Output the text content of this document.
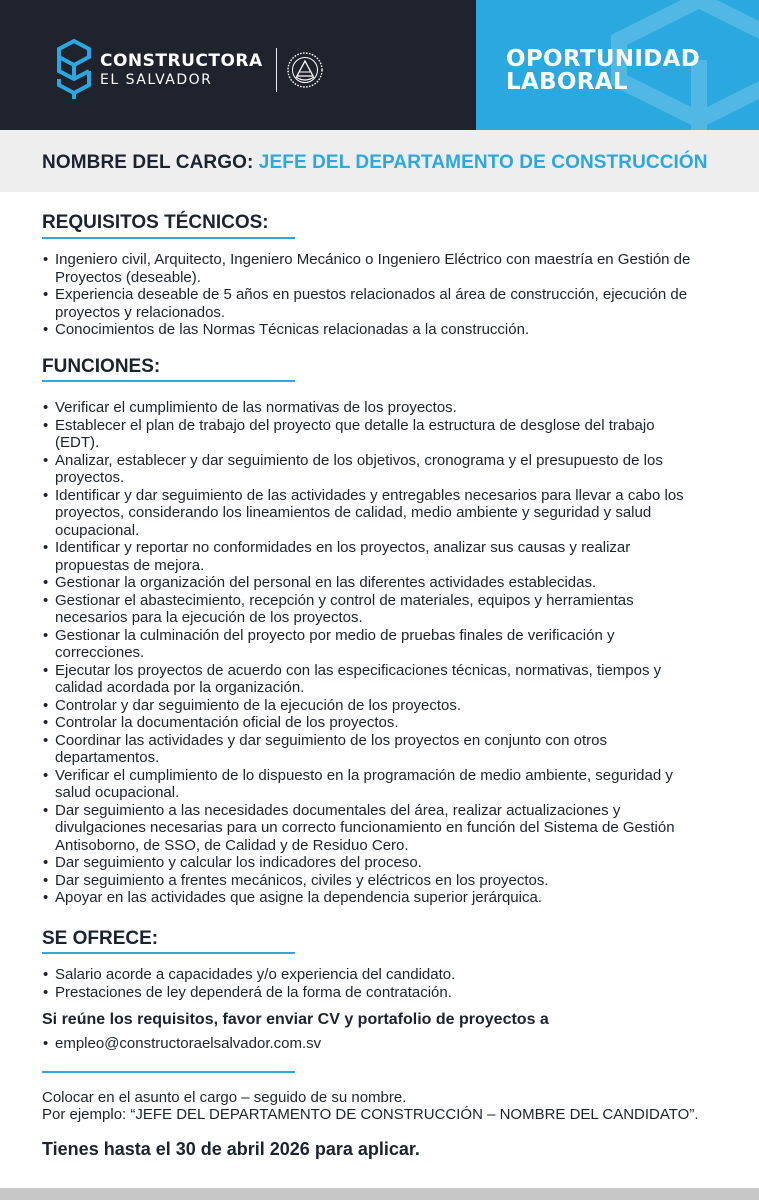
CONSTRUCTORA
EL SALVADOR
OPORTUNIDAD
LABORAL
NOMBRE DEL CARGO: JEFE DEL DEPARTAMENTO DE CONSTRUCCIÓN
REQUISITOS TÉCNICOS:
• Ingeniero civil, Arquitecto, Ingeniero Mecánico o Ingeniero Eléctrico con maestría en Gestión de Proyectos (deseable).
• Experiencia deseable de 5 años en puestos relacionados al área de construcción, ejecución de proyectos y relacionados.
• Conocimientos de las Normas Técnicas relacionadas a la construcción.
FUNCIONES:
• Verificar el cumplimiento de las normativas de los proyectos.
• Establecer el plan de trabajo del proyecto que detalle la estructura de desglose del trabajo (EDT).
• Analizar, establecer y dar seguimiento de los objetivos, cronograma y el presupuesto de los proyectos.
• Identificar y dar seguimiento de las actividades y entregables necesarios para llevar a cabo los proyectos, considerando los lineamientos de calidad, medio ambiente y seguridad y salud ocupacional.
• Identificar y reportar no conformidades en los proyectos, analizar sus causas y realizar propuestas de mejora.
• Gestionar la organización del personal en las diferentes actividades establecidas.
• Gestionar el abastecimiento, recepción y control de materiales, equipos y herramientas necesarios para la ejecución de los proyectos.
• Gestionar la culminación del proyecto por medio de pruebas finales de verificación y correcciones.
• Ejecutar los proyectos de acuerdo con las especificaciones técnicas, normativas, tiempos y calidad acordada por la organización.
• Controlar y dar seguimiento de la ejecución de los proyectos.
• Controlar la documentación oficial de los proyectos.
• Coordinar las actividades y dar seguimiento de los proyectos en conjunto con otros departamentos.
• Verificar el cumplimiento de lo dispuesto en la programación de medio ambiente, seguridad y salud ocupacional.
• Dar seguimiento a las necesidades documentales del área, realizar actualizaciones y divulgaciones necesarias para un correcto funcionamiento en función del Sistema de Gestión Antisoborno, de SSO, de Calidad y de Residuo Cero.
• Dar seguimiento y calcular los indicadores del proceso.
• Dar seguimiento a frentes mecánicos, civiles y eléctricos en los proyectos.
• Apoyar en las actividades que asigne la dependencia superior jerárquica.
SE OFRECE:
• Salario acorde a capacidades y/o experiencia del candidato.
• Prestaciones de ley dependerá de la forma de contratación.
Si reúne los requisitos, favor enviar CV y portafolio de proyectos a
• empleo@constructoraelsalvador.com.sv
Colocar en el asunto el cargo – seguido de su nombre.
Por ejemplo: “JEFE DEL DEPARTAMENTO DE CONSTRUCCIÓN – NOMBRE DEL CANDIDATO”.
Tienes hasta el 30 de abril 2026 para aplicar.
